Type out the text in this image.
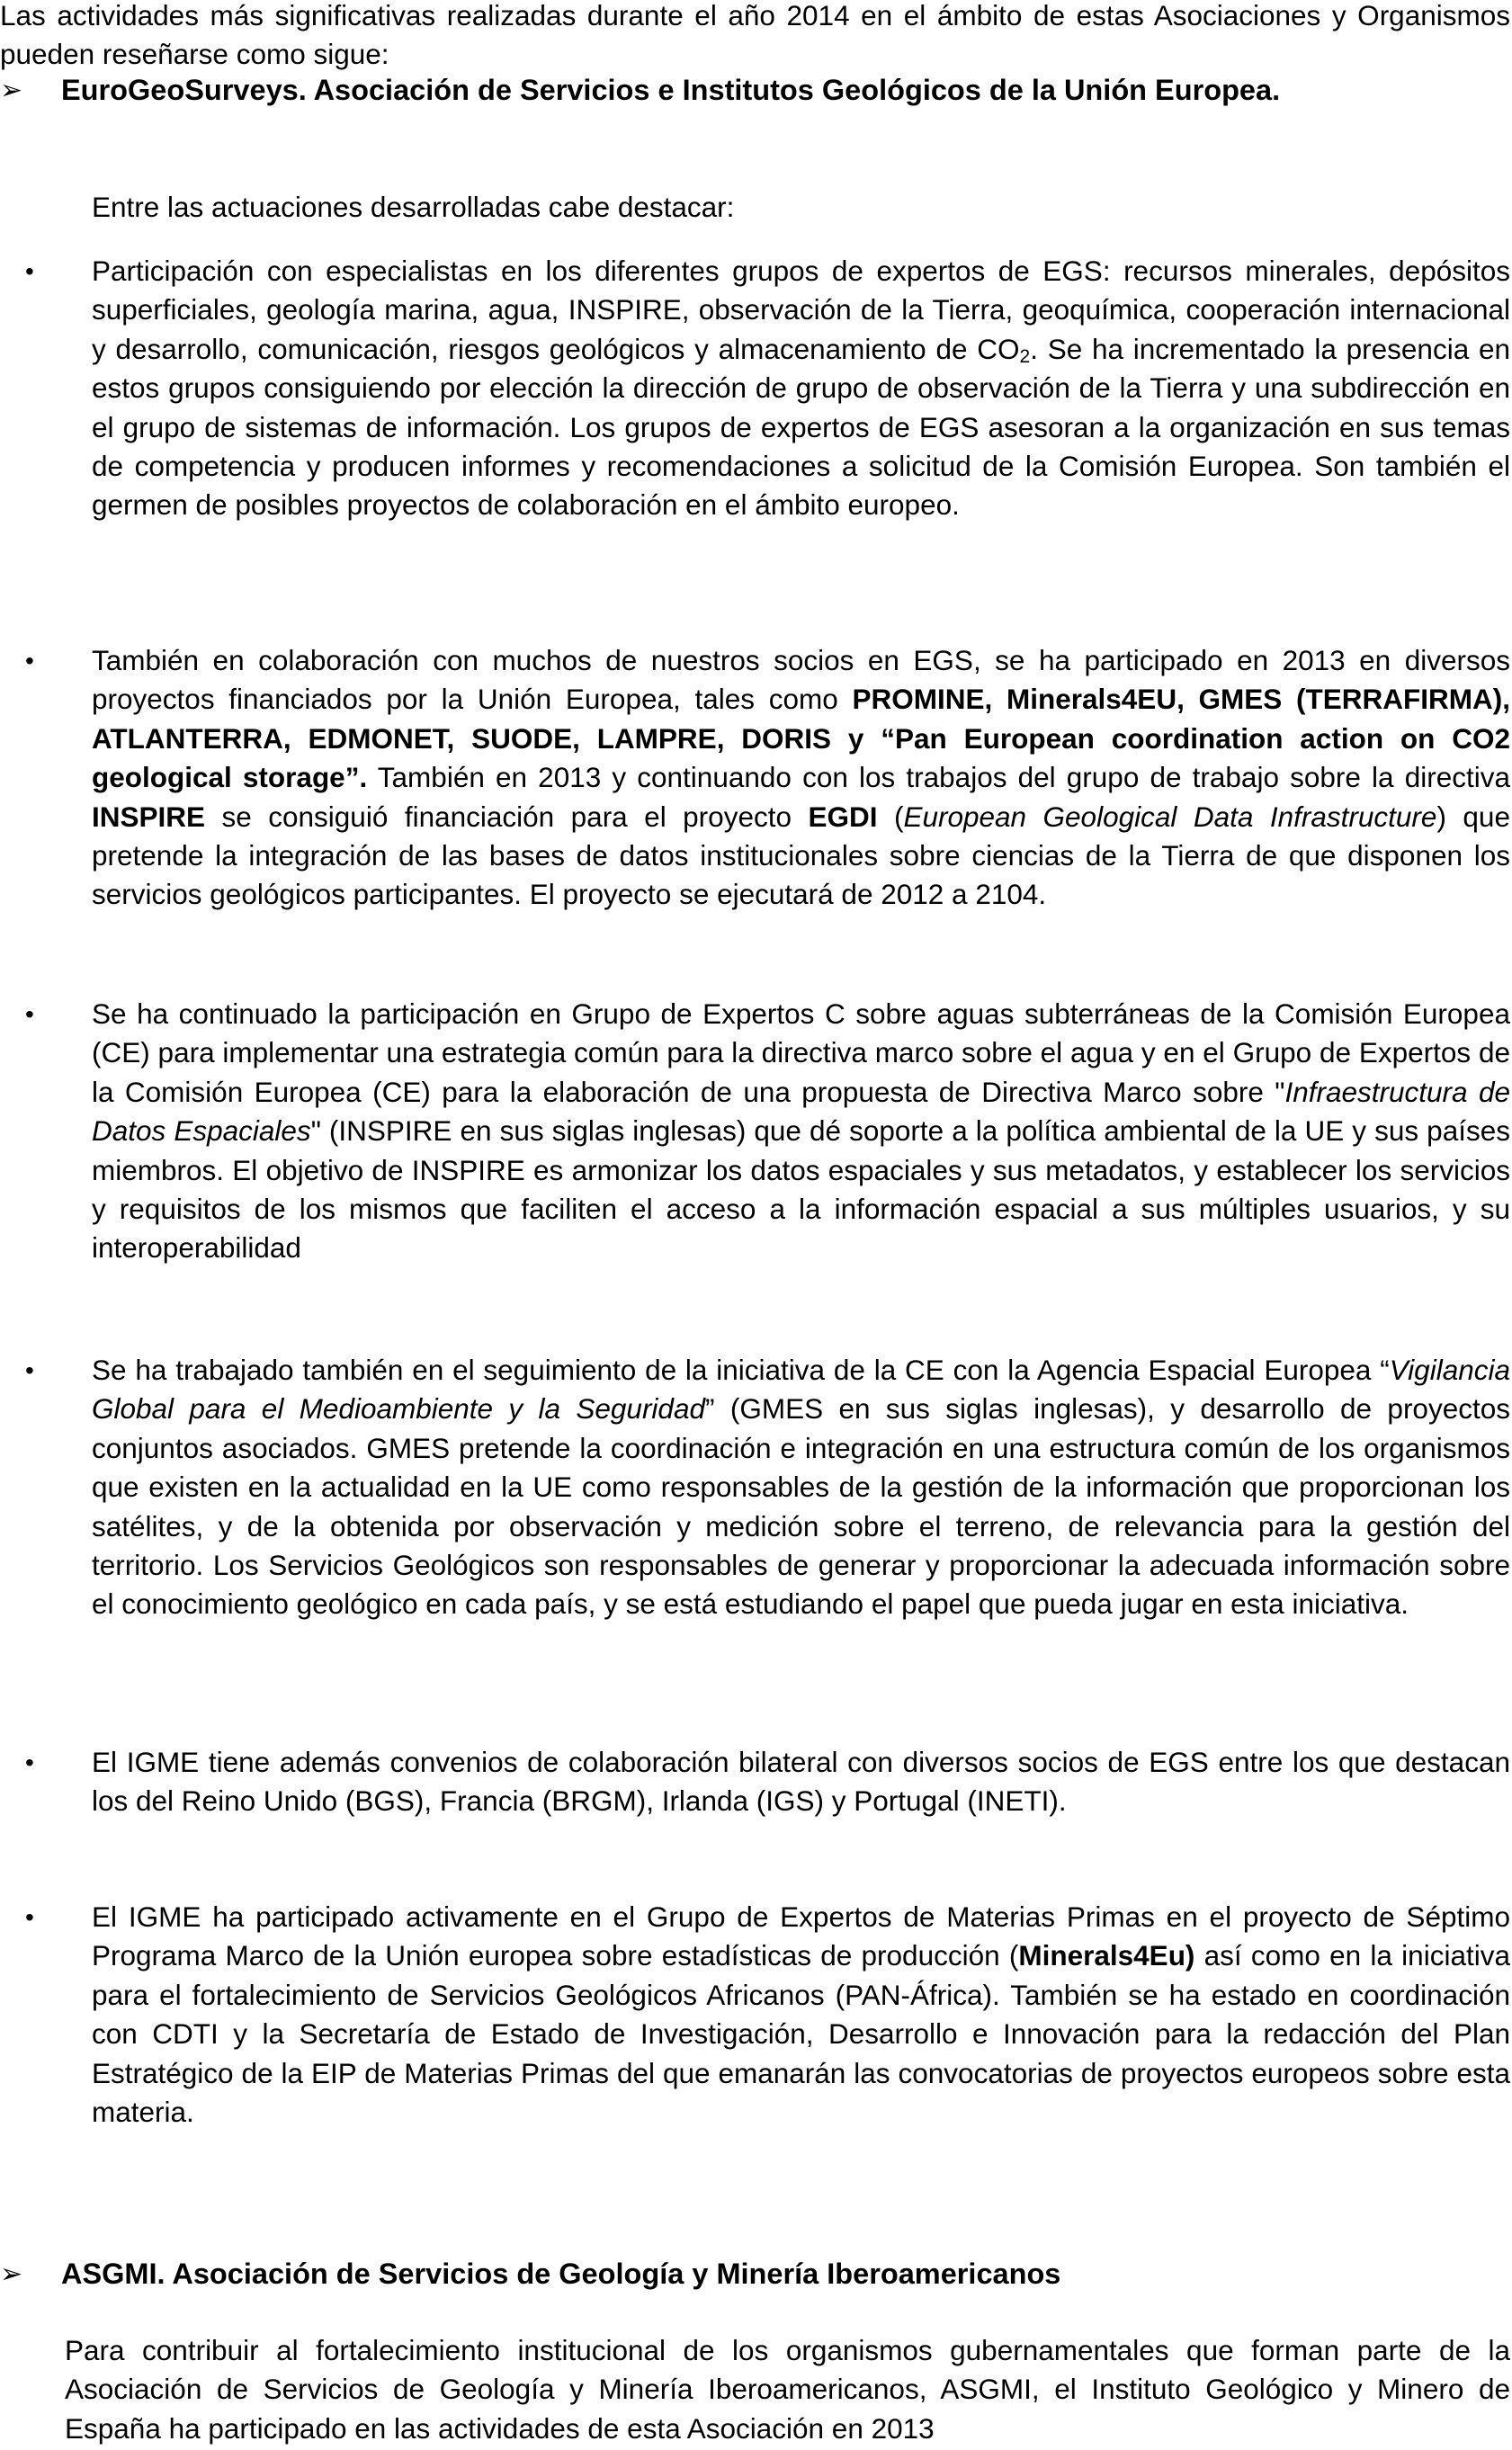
Las actividades más significativas realizadas durante el año 2014 en el ámbito de estas Asociaciones y Organismos pueden reseñarse como sigue:

➢ EuroGeoSurveys. Asociación de Servicios e Institutos Geológicos de la Unión Europea.
Entre las actuaciones desarrolladas cabe destacar:
• Participación con especialistas en los diferentes grupos de expertos de EGS: recursos minerales, depósitos superficiales, geología marina, agua, INSPIRE, observación de la Tierra, geoquímica, cooperación internacional y desarrollo, comunicación, riesgos geológicos y almacenamiento de $CO_2$. Se ha incrementado la presencia en estos grupos consiguiendo por elección la dirección de grupo de observación de la Tierra y una subdirección en el grupo de sistemas de información. Los grupos de expertos de EGS asesoran a la organización en sus temas de competencia y producen informes y recomendaciones a solicitud de la Comisión Europea. Son también el germen de posibles proyectos de colaboración en el ámbito europeo.

• También en colaboración con muchos de nuestros socios en EGS, se ha participado en 2013 en diversos proyectos financiados por la Unión Europea, tales como PROMINE, Minerals4EU, GMES (TERRAFIRMA), ATLANTERRA, EDMONET, SUODE, LAMPRE, DORIS y “Pan European coordination action on CO2 geological storage”. También en 2013 y continuando con los trabajos del grupo de trabajo sobre la directiva INSPIRE se consiguió financiación para el proyecto EGDI (European Geological Data Infrastructure) que pretende la integración de las bases de datos institucionales sobre ciencias de la Tierra de que disponen los servicios geológicos participantes. El proyecto se ejecutará de 2012 a 2104.

• Se ha continuado la participación en Grupo de Expertos C sobre aguas subterráneas de la Comisión Europea (CE) para implementar una estrategia común para la directiva marco sobre el agua y en el Grupo de Expertos de la Comisión Europea (CE) para la elaboración de una propuesta de Directiva Marco sobre "Infraestructura de Datos Espaciales" (INSPIRE en sus siglas inglesas) que dé soporte a la política ambiental de la UE y sus países miembros. El objetivo de INSPIRE es armonizar los datos espaciales y sus metadatos, y establecer los servicios y requisitos de los mismos que faciliten el acceso a la información espacial a sus múltiples usuarios, y su interoperabilidad

• Se ha trabajado también en el seguimiento de la iniciativa de la CE con la Agencia Espacial Europea “Vigilancia Global para el Medioambiente y la Seguridad” (GMES en sus siglas inglesas), y desarrollo de proyectos conjuntos asociados. GMES pretende la coordinación e integración en una estructura común de los organismos que existen en la actualidad en la UE como responsables de la gestión de la información que proporcionan los satélites, y de la obtenida por observación y medición sobre el terreno, de relevancia para la gestión del territorio. Los Servicios Geológicos son responsables de generar y proporcionar la adecuada información sobre el conocimiento geológico en cada país, y se está estudiando el papel que pueda jugar en esta iniciativa.

• El IGME tiene además convenios de colaboración bilateral con diversos socios de EGS entre los que destacan los del Reino Unido (BGS), Francia (BRGM), Irlanda (IGS) y Portugal (INETI).

• El IGME ha participado activamente en el Grupo de Expertos de Materias Primas en el proyecto de Séptimo Programa Marco de la Unión europea sobre estadísticas de producción (Minerals4Eu) así como en la iniciativa para el fortalecimiento de Servicios Geológicos Africanos (PAN-África). También se ha estado en coordinación con CDTI y la Secretaría de Estado de Investigación, Desarrollo e Innovación para la redacción del Plan Estratégico de la EIP de Materias Primas del que emanarán las convocatorias de proyectos europeos sobre esta materia.

➢ ASGMI. Asociación de Servicios de Geología y Minería Iberoamericanos

Para contribuir al fortalecimiento institucional de los organismos gubernamentales que forman parte de la Asociación de Servicios de Geología y Minería Iberoamericanos, ASGMI, el Instituto Geológico y Minero de España ha participado en las actividades de esta Asociación en 2013
